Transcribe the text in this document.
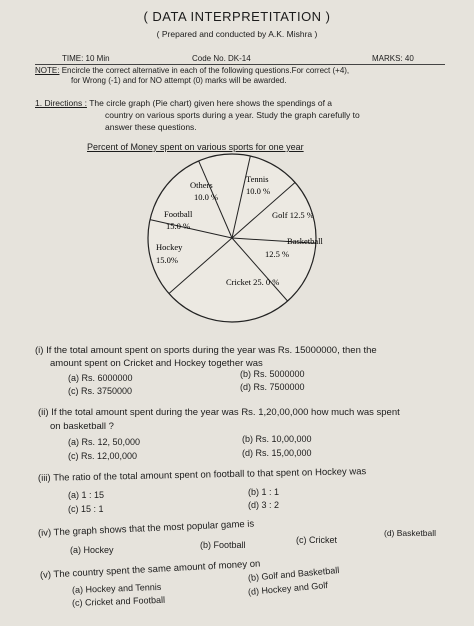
( DATA INTERPRETITATION )
( Prepared and conducted by A.K. Mishra )
TIME: 10 Min	Code No. DK-14	MARKS: 40
NOTE: Encircle the correct alternative in each of the following questions.For correct (+4),
for Wrong (-1) and for NO attempt (0) marks will be awarded.
1. Directions : The circle graph (Pie chart) given here shows the spendings of a
country on various sports during a year. Study the graph carefully to
answer these questions.
Percent of Money spent on various sports for one year
Tennis
10.0 %
Golf 12.5 %
Basketball
12.5 %
Cricket 25. 0 %
Hockey
15.0%
Football
15.0 %
Others
10.0 %
(i) If the total amount spent on sports during the year was Rs. 15000000, then the
amount spent on Cricket and Hockey together was
(a) Rs. 6000000	(b) Rs. 5000000
(c) Rs. 3750000	(d) Rs. 7500000
(ii) If the total amount spent during the year was Rs. 1,20,00,000 how much was spent
on basketball ?
(a) Rs. 12, 50,000	(b) Rs. 10,00,000
(c) Rs. 12,00,000	(d) Rs. 15,00,000
(iii) The ratio of the total amount spent on football to that spent on Hockey was
(a) 1 : 15	(b) 1 : 1
(c) 15 : 1	(d) 3 : 2
(iv) The graph shows that the most popular game is
(a) Hockey	(b) Football	(c) Cricket
(d) Basketball
(v) The country spent the same amount of money on
(a) Hockey and Tennis
(b) Golf and Basketball
(c) Cricket and Football
(d) Hockey and Golf
